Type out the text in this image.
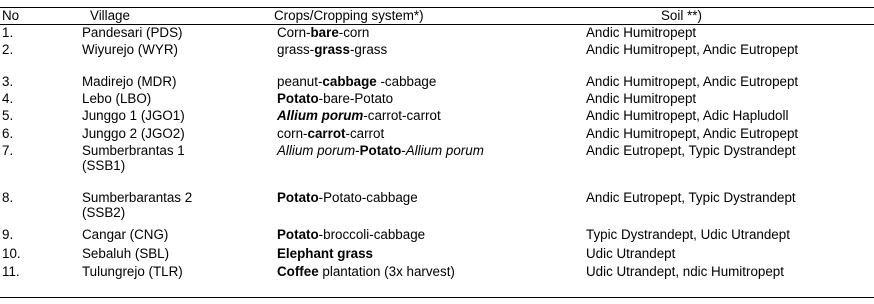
No	Village	Crops/Cropping system*)	Soil **)
1.	Pandesari (PDS)	Corn-bare-corn	Andic Humitropept
2.	Wiyurejo (WYR)	grass-grass-grass	Andic Humitropept, Andic Eutropept
3.	Madirejo (MDR)	peanut-cabbage -cabbage	Andic Humitropept, Andic Eutropept
4.	Lebo (LBO)	Potato-bare-Potato	Andic Humitropept
5.	Junggo 1 (JGO1)	Allium porum-carrot-carrot	Andic Humitropept, Adic Hapludoll
6.	Junggo 2 (JGO2)	corn-carrot-carrot	Andic Humitropept, Andic Eutropept
7.	Sumberbrantas 1
(SSB1)
Allium porum-Potato-Allium porum	Andic Eutropept, Typic Dystrandept
8.	Sumberbarantas 2
(SSB2)
Potato-Potato-cabbage	Andic Eutropept, Typic Dystrandept
9.	Cangar (CNG)	Potato-broccoli-cabbage	Typic Dystrandept, Udic Utrandept
10.	Sebaluh (SBL)	Elephant grass	Udic Utrandept
11.	Tulungrejo (TLR)	Coffee plantation (3x harvest)	Udic Utrandept, ndic Humitropept
